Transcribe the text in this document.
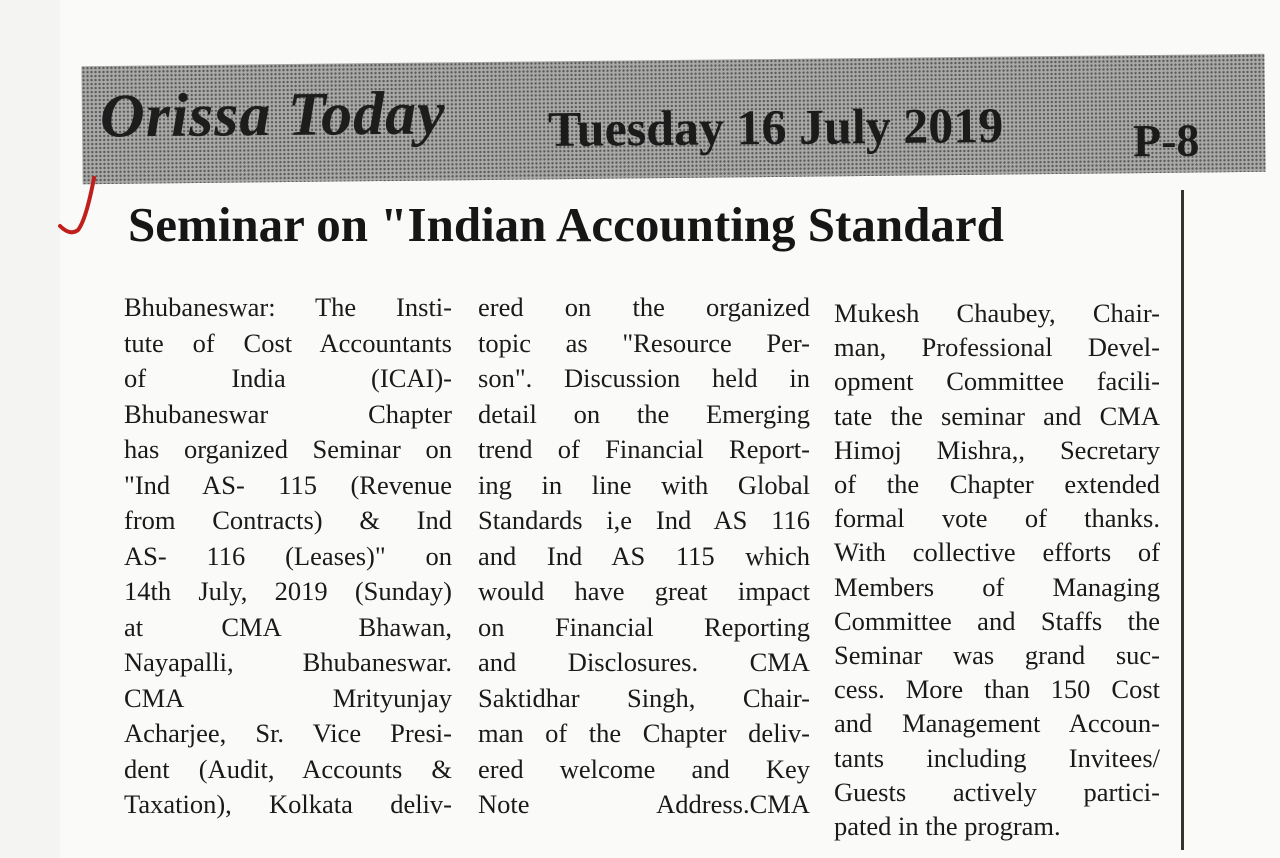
Orissa Today Tuesday 16 July 2019	P-8
Seminar on "Indian Accounting Standard

Bhubaneswar: The Insti-

tute of Cost Accountants

of India (ICAI)-

Bhubaneswar Chapter

has organized Seminar on

"Ind AS- 115 (Revenue

from Contracts) & Ind

AS- 116 (Leases)" on

14th July, 2019 (Sunday)

at CMA Bhawan,

Nayapalli, Bhubaneswar.

CMA Mrityunjay

Acharjee, Sr. Vice Presi-

dent (Audit, Accounts &

Taxation), Kolkata deliv-

ered on the organized

topic as "Resource Per-

son". Discussion held in

detail on the Emerging

trend of Financial Report-

ing in line with Global

Standards i,e Ind AS 116

and Ind AS 115 which

would have great impact

on Financial Reporting

and Disclosures. CMA

Saktidhar Singh, Chair-

man of the Chapter deliv-

ered welcome and Key

Note Address.CMA

Mukesh Chaubey, Chair-

man, Professional Devel-

opment Committee facili-

tate the seminar and CMA

Himoj Mishra,, Secretary

of the Chapter extended

formal vote of thanks.

With collective efforts of

Members of Managing

Committee and Staffs the

Seminar was grand suc-

cess. More than 150 Cost

and Management Accoun-

tants including Invitees/

Guests actively partici-

pated in the program.
